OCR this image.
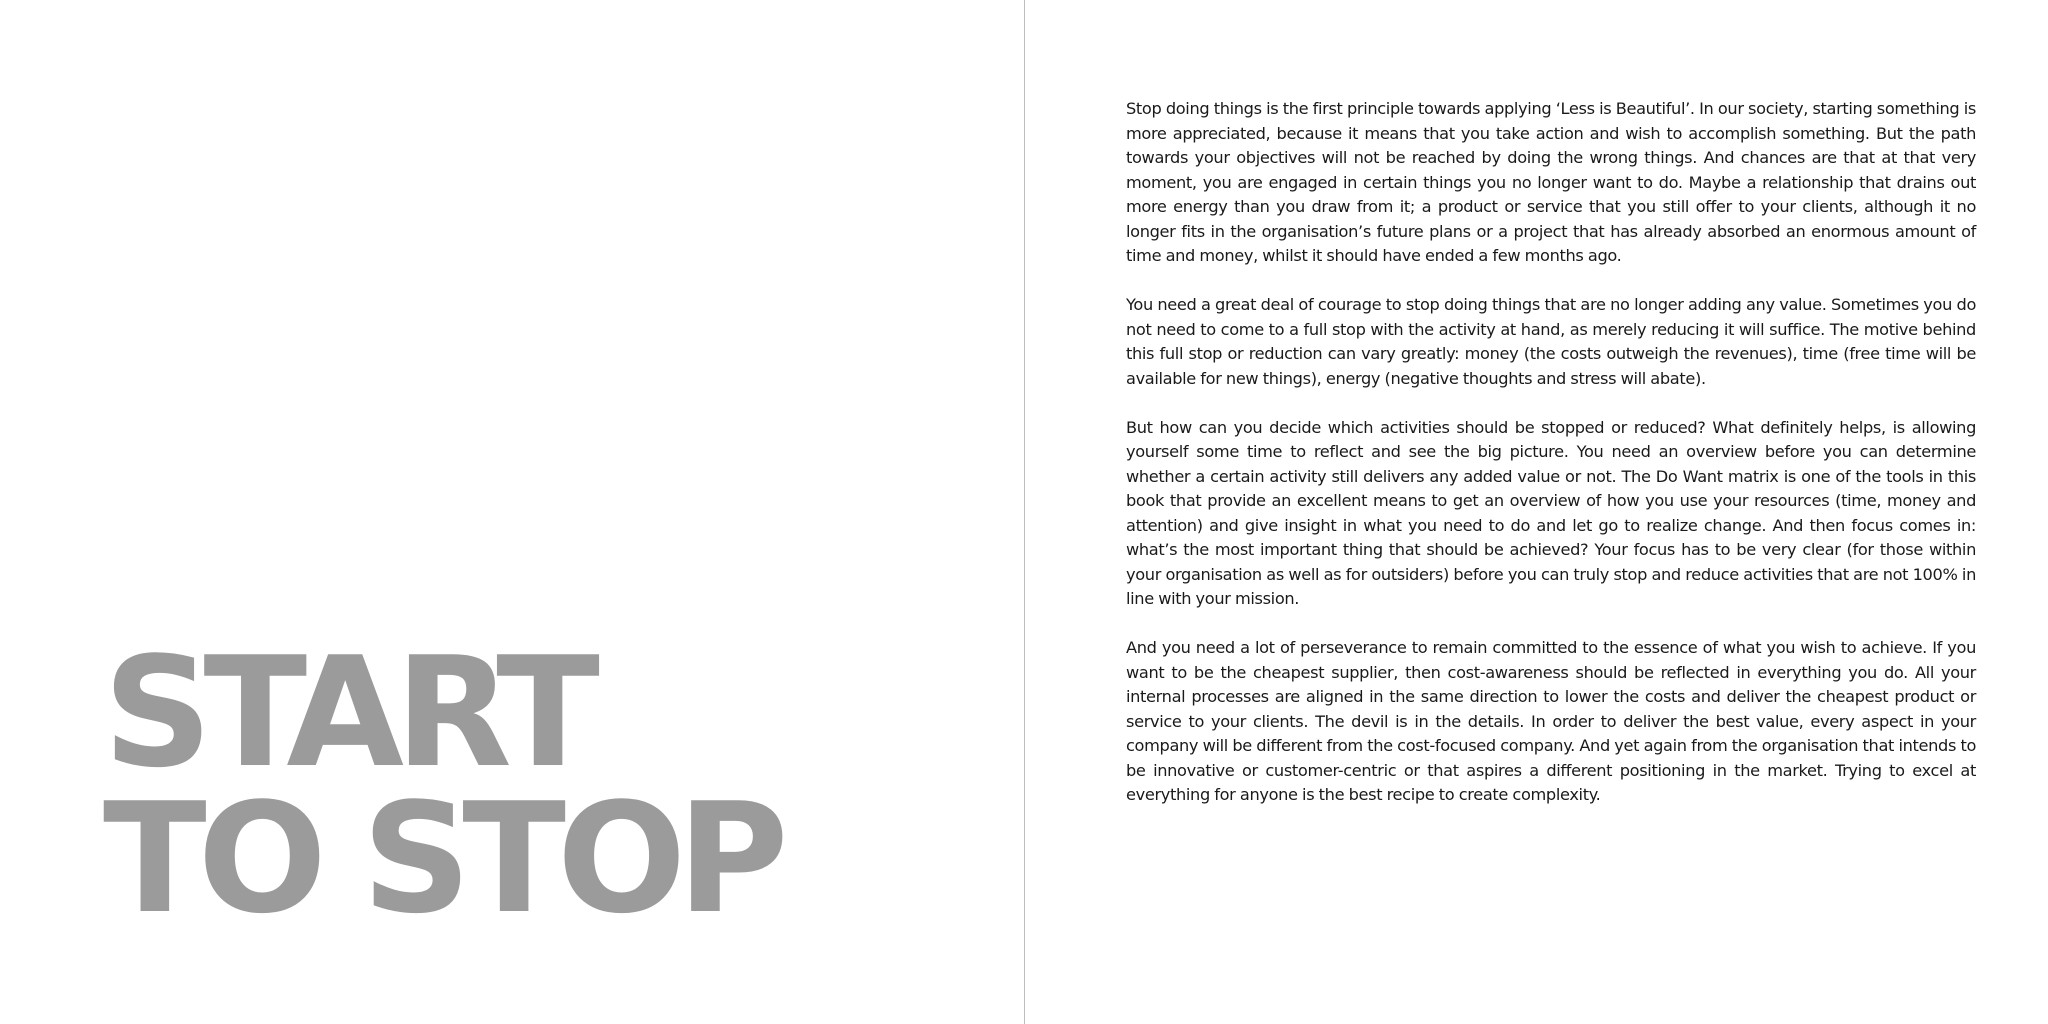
START
TO STOP

Stop doing things is the first principle towards applying ‘Less is Beautiful’. In our society, starting something is more appreciated, because it means that you take action and wish to accomplish something. But the path towards your objectives will not be reached by doing the wrong things. And chances are that at that very moment, you are engaged in certain things you no longer want to do. Maybe a relationship that drains out more energy than you draw from it; a product or service that you still offer to your clients, although it no longer fits in the organisation’s future plans or a project that has already absorbed an enormous amount of time and money, whilst it should have ended a few months ago.

You need a great deal of courage to stop doing things that are no longer adding any value. Sometimes you do not need to come to a full stop with the activity at hand, as merely reducing it will suffice. The motive behind this full stop or reduction can vary greatly: money (the costs outweigh the revenues), time (free time will be available for new things), energy (negative thoughts and stress will abate).

But how can you decide which activities should be stopped or reduced? What definitely helps, is allowing yourself some time to reflect and see the big picture. You need an overview before you can determine whether a certain activity still delivers any added value or not. The Do Want matrix is one of the tools in this book that provide an excellent means to get an overview of how you use your resources (time, money and attention) and give insight in what you need to do and let go to realize change. And then focus comes in: what’s the most important thing that should be achieved? Your focus has to be very clear (for those within your organisation as well as for outsiders) before you can truly stop and reduce activities that are not 100% in line with your mission.

And you need a lot of perseverance to remain committed to the essence of what you wish to achieve. If you want to be the cheapest supplier, then cost-awareness should be reflected in everything you do. All your internal processes are aligned in the same direction to lower the costs and deliver the cheapest product or service to your clients. The devil is in the details. In order to deliver the best value, every aspect in your company will be different from the cost-focused company. And yet again from the organisation that intends to be innovative or customer-centric or that aspires a different positioning in the market. Trying to excel at everything for anyone is the best recipe to create complexity.
